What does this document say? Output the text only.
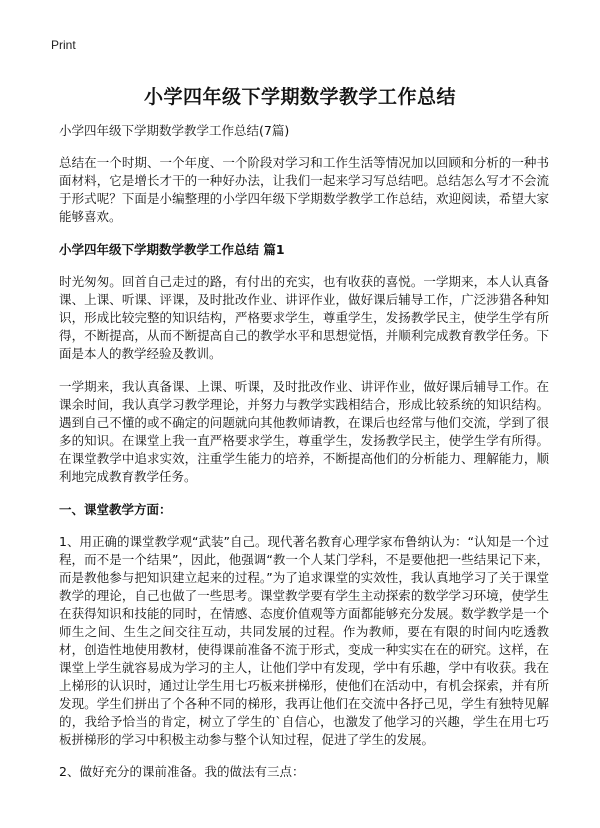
Print
小学四年级下学期数学教学工作总结

小学四年级下学期数学教学工作总结(7篇)

总结在一个时期、一个年度、一个阶段对学习和工作生活等情况加以回顾和分析的一种书面材料，它是增长才干的一种好办法，让我们一起来学习写总结吧。总结怎么写才不会流于形式呢？下面是小编整理的小学四年级下学期数学教学工作总结，欢迎阅读，希望大家能够喜欢。

小学四年级下学期数学教学工作总结 篇1

时光匆匆。回首自己走过的路，有付出的充实，也有收获的喜悦。一学期来，本人认真备课、上课、听课、评课，及时批改作业、讲评作业，做好课后辅导工作，广泛涉猎各种知识，形成比较完整的知识结构，严格要求学生，尊重学生，发扬教学民主，使学生学有所得，不断提高，从而不断提高自己的教学水平和思想觉悟，并顺利完成教育教学任务。下面是本人的教学经验及教训。

一学期来，我认真备课、上课、听课，及时批改作业、讲评作业，做好课后辅导工作。在课余时间，我认真学习教学理论，并努力与教学实践相结合，形成比较系统的知识结构。遇到自己不懂的或不确定的问题就向其他教师请教，在课后也经常与他们交流，学到了很多的知识。在课堂上我一直严格要求学生，尊重学生，发扬教学民主，使学生学有所得。在课堂教学中追求实效，注重学生能力的培养，不断提高他们的分析能力、理解能力，顺利地完成教育教学任务。

一、课堂教学方面：

1、用正确的课堂教学观“武装”自己。现代著名教育心理学家布鲁纳认为：“认知是一个过程，而不是一个结果”，因此，他强调“教一个人某门学科，不是要他把一些结果记下来，而是教他参与把知识建立起来的过程。”为了追求课堂的实效性，我认真地学习了关于课堂教学的理论，自己也做了一些思考。课堂教学要有学生主动探索的数学学习环境，使学生在获得知识和技能的同时，在情感、态度价值观等方面都能够充分发展。数学教学是一个师生之间、生生之间交往互动，共同发展的过程。作为教师，要在有限的时间内吃透教材，创造性地使用教材，使得课前准备不流于形式，变成一种实实在在的研究。这样，在课堂上学生就容易成为学习的主人，让他们学中有发现，学中有乐趣，学中有收获。我在上梯形的认识时，通过让学生用七巧板来拼梯形，使他们在活动中，有机会探索，并有所发现。学生们拼出了个各种不同的梯形，我再让他们在交流中各抒己见，学生有独特见解的，我给予恰当的肯定，树立了学生的`自信心，也激发了他学习的兴趣，学生在用七巧板拼梯形的学习中积极主动参与整个认知过程，促进了学生的发展。

2、做好充分的课前准备。我的做法有三点：
